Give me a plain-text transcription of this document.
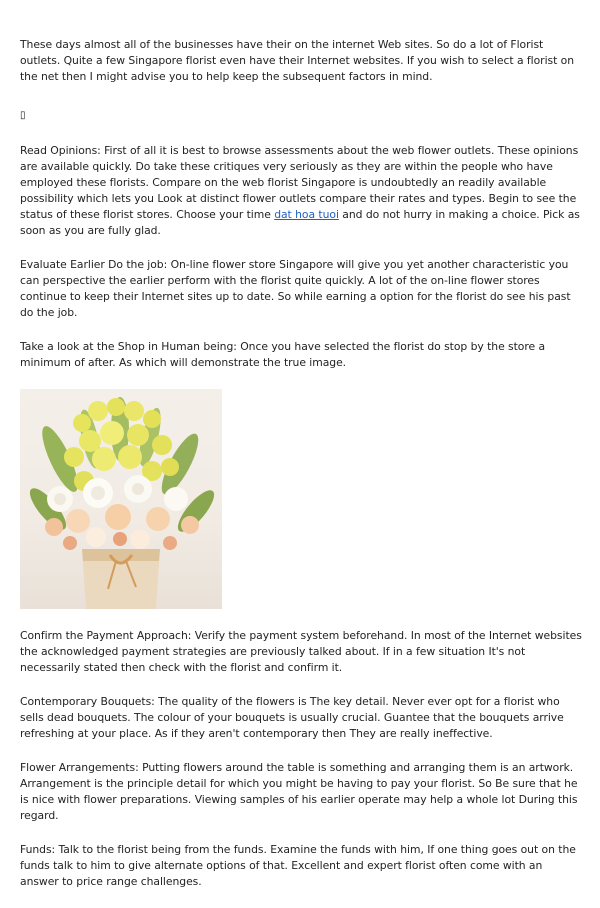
These days almost all of the businesses have their on the internet Web sites. So do a lot of Florist outlets. Quite a few Singapore florist even have their Internet websites. If you wish to select a florist on the net then I might advise you to help keep the subsequent factors in mind.

▯

Read Opinions: First of all it is best to browse assessments about the web flower outlets. These opinions are available quickly. Do take these critiques very seriously as they are within the people who have employed these florists. Compare on the web florist Singapore is undoubtedly an readily available possibility which lets you Look at distinct flower outlets compare their rates and types. Begin to see the status of these florist stores. Choose your time dat hoa tuoi and do not hurry in making a choice. Pick as soon as you are fully glad.

Evaluate Earlier Do the job: On-line flower store Singapore will give you yet another characteristic you can perspective the earlier perform with the florist quite quickly. A lot of the on-line flower stores continue to keep their Internet sites up to date. So while earning a option for the florist do see his past do the job.

Take a look at the Shop in Human being: Once you have selected the florist do stop by the store a minimum of after. As which will demonstrate the true image.

Confirm the Payment Approach: Verify the payment system beforehand. In most of the Internet websites the acknowledged payment strategies are previously talked about. If in a few situation It's not necessarily stated then check with the florist and confirm it.

Contemporary Bouquets: The quality of the flowers is The key detail. Never ever opt for a florist who sells dead bouquets. The colour of your bouquets is usually crucial. Guantee that the bouquets arrive refreshing at your place. As if they aren't contemporary then They are really ineffective.

Flower Arrangements: Putting flowers around the table is something and arranging them is an artwork. Arrangement is the principle detail for which you might be having to pay your florist. So Be sure that he is nice with flower preparations. Viewing samples of his earlier operate may help a whole lot During this regard.

Funds: Talk to the florist being from the funds. Examine the funds with him, If one thing goes out on the funds talk to him to give alternate options of that. Excellent and expert florist often come with an answer to price range challenges.
